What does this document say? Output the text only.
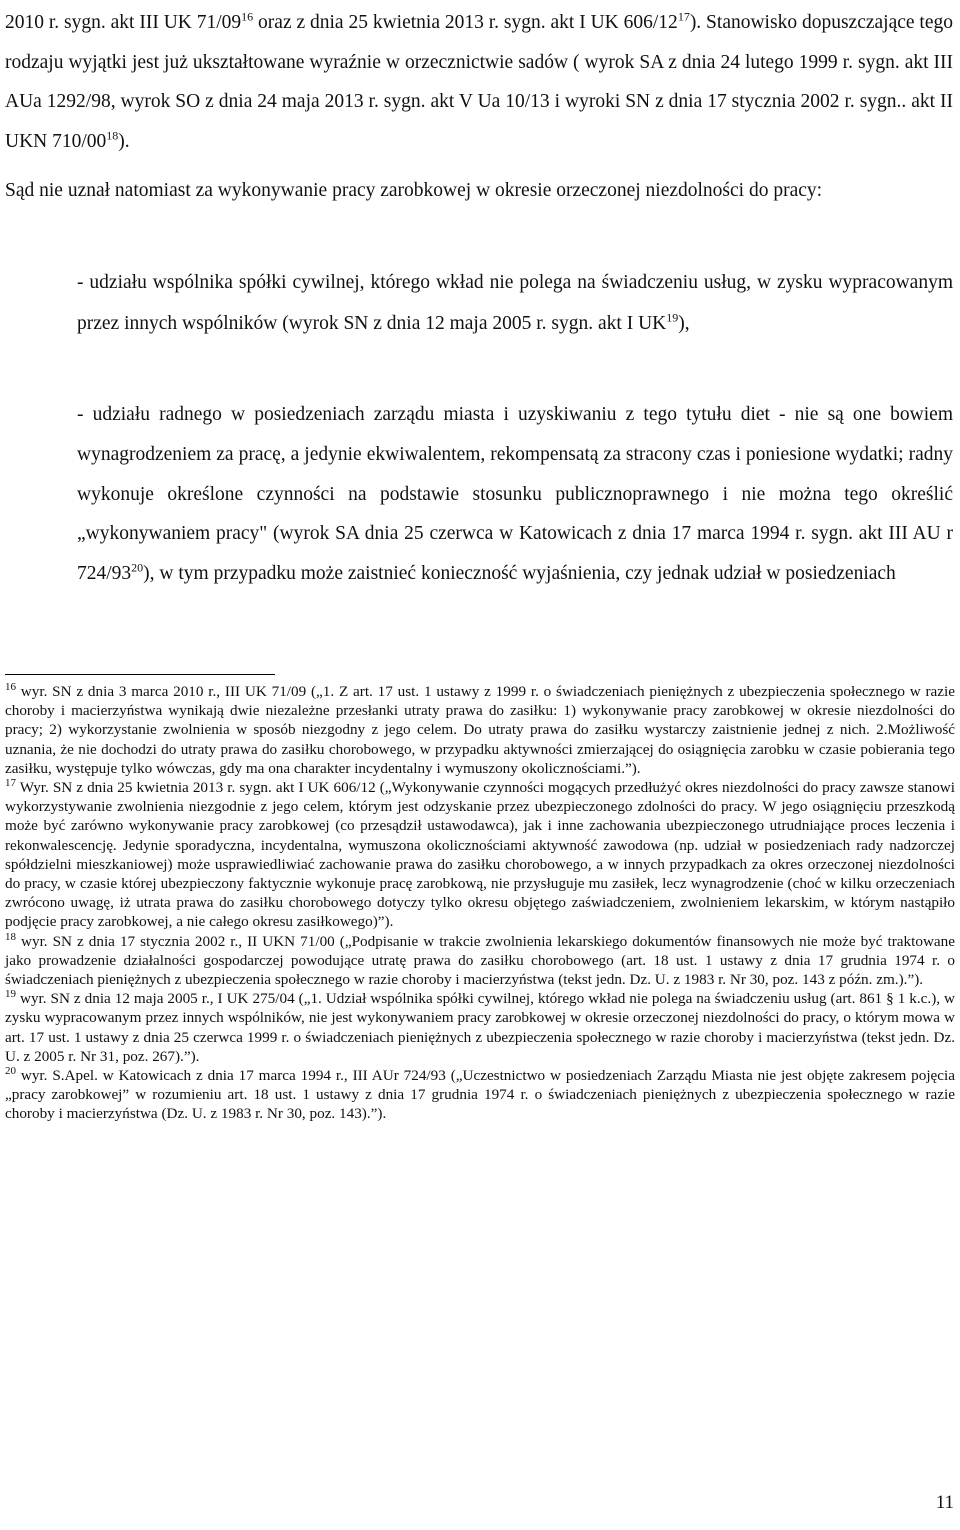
2010 r. sygn. akt III UK $71/09^{16}$ oraz z dnia 25 kwietnia 2013 r. sygn. akt I UK $606/12^{17}$). Stanowisko dopuszczające tego rodzaju wyjątki jest już ukształtowane wyraźnie w orzecznictwie sadów ( wyrok SA z dnia 24 lutego 1999 r. sygn. akt III AUa 1292/98, wyrok SO z dnia 24 maja 2013 r. sygn. akt V Ua 10/13 i wyroki SN z dnia 17 stycznia 2002 r. sygn.. akt II UKN $710/00^{18}$).

Sąd nie uznał natomiast za wykonywanie pracy zarobkowej w okresie orzeczonej niezdolności do pracy:

- udziału wspólnika spółki cywilnej, którego wkład nie polega na świadczeniu usług, w zysku wypracowanym przez innych wspólników (wyrok SN z dnia 12 maja 2005 r. sygn. akt I UK$^{19}$),
- udziału radnego w posiedzeniach zarządu miasta i uzyskiwaniu z tego tytułu diet - nie są one bowiem wynagrodzeniem za pracę, a jedynie ekwiwalentem, rekompensatą za stracony czas i poniesione wydatki; radny wykonuje określone czynności na podstawie stosunku publicznoprawnego i nie można tego określić „wykonywaniem pracy" (wyrok SA dnia 25 czerwca w Katowicach z dnia 17 marca 1994 r. sygn. akt III AU r $724/93^{20}$), w tym przypadku może zaistnieć konieczność wyjaśnienia, czy jednak udział w posiedzeniach

$^{16}$ wyr. SN z dnia 3 marca 2010 r., III UK 71/09 („1. Z art. 17 ust. 1 ustawy z 1999 r. o świadczeniach pieniężnych z ubezpieczenia społecznego w razie choroby i macierzyństwa wynikają dwie niezależne przesłanki utraty prawa do zasiłku: 1) wykonywanie pracy zarobkowej w okresie niezdolności do pracy; 2) wykorzystanie zwolnienia w sposób niezgodny z jego celem. Do utraty prawa do zasiłku wystarczy zaistnienie jednej z nich. 2.Możliwość uznania, że nie dochodzi do utraty prawa do zasiłku chorobowego, w przypadku aktywności zmierzającej do osiągnięcia zarobku w czasie pobierania tego zasiłku, występuje tylko wówczas, gdy ma ona charakter incydentalny i wymuszony okolicznościami.”).

$^{17}$ Wyr. SN z dnia 25 kwietnia 2013 r. sygn. akt I UK 606/12 („Wykonywanie czynności mogących przedłużyć okres niezdolności do pracy zawsze stanowi wykorzystywanie zwolnienia niezgodnie z jego celem, którym jest odzyskanie przez ubezpieczonego zdolności do pracy. W jego osiągnięciu przeszkodą może być zarówno wykonywanie pracy zarobkowej (co przesądził ustawodawca), jak i inne zachowania ubezpieczonego utrudniające proces leczenia i rekonwalescencję. Jedynie sporadyczna, incydentalna, wymuszona okolicznościami aktywność zawodowa (np. udział w posiedzeniach rady nadzorczej spółdzielni mieszkaniowej) może usprawiedliwiać zachowanie prawa do zasiłku chorobowego, a w innych przypadkach za okres orzeczonej niezdolności do pracy, w czasie której ubezpieczony faktycznie wykonuje pracę zarobkową, nie przysługuje mu zasiłek, lecz wynagrodzenie (choć w kilku orzeczeniach zwrócono uwagę, iż utrata prawa do zasiłku chorobowego dotyczy tylko okresu objętego zaświadczeniem, zwolnieniem lekarskim, w którym nastąpiło podjęcie pracy zarobkowej, a nie całego okresu zasiłkowego)”).

$^{18}$ wyr. SN z dnia 17 stycznia 2002 r., II UKN 71/00 („Podpisanie w trakcie zwolnienia lekarskiego dokumentów finansowych nie może być traktowane jako prowadzenie działalności gospodarczej powodujące utratę prawa do zasiłku chorobowego (art. 18 ust. 1 ustawy z dnia 17 grudnia 1974 r. o świadczeniach pieniężnych z ubezpieczenia społecznego w razie choroby i macierzyństwa (tekst jedn. Dz. U. z 1983 r. Nr 30, poz. 143 z późn. zm.).”).

$^{19}$ wyr. SN z dnia 12 maja 2005 r., I UK 275/04 („1. Udział wspólnika spółki cywilnej, którego wkład nie polega na świadczeniu usług (art. 861 § 1 k.c.), w zysku wypracowanym przez innych wspólników, nie jest wykonywaniem pracy zarobkowej w okresie orzeczonej niezdolności do pracy, o którym mowa w art. 17 ust. 1 ustawy z dnia 25 czerwca 1999 r. o świadczeniach pieniężnych z ubezpieczenia społecznego w razie choroby i macierzyństwa (tekst jedn. Dz. U. z 2005 r. Nr 31, poz. 267).”).

$^{20}$ wyr. S.Apel. w Katowicach z dnia 17 marca 1994 r., III AUr 724/93 („Uczestnictwo w posiedzeniach Zarządu Miasta nie jest objęte zakresem pojęcia „pracy zarobkowej” w rozumieniu art. 18 ust. 1 ustawy z dnia 17 grudnia 1974 r. o świadczeniach pieniężnych z ubezpieczenia społecznego w razie choroby i macierzyństwa (Dz. U. z 1983 r. Nr 30, poz. 143).”).

11
